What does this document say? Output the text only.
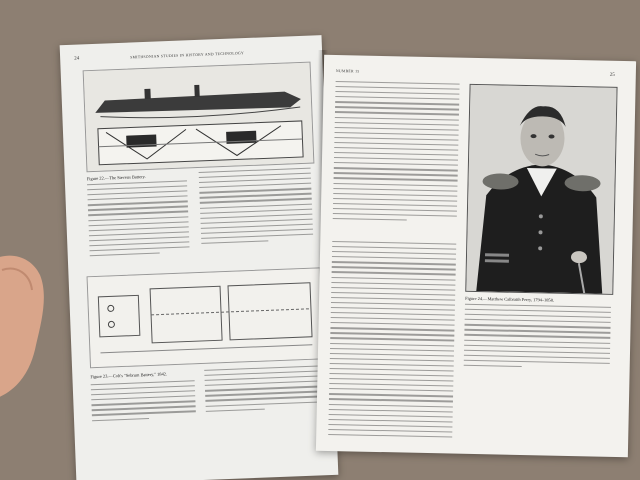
24	SMITHSONIAN STUDIES IN HISTORY AND TECHNOLOGY
Figure 22.—The Stevens Battery.
Figure 23.—Colt's "Sebrum Battery," 1842.
NUMBER 15
25
Figure 24.—Matthew Calbraith Perry, 1794–1858.
